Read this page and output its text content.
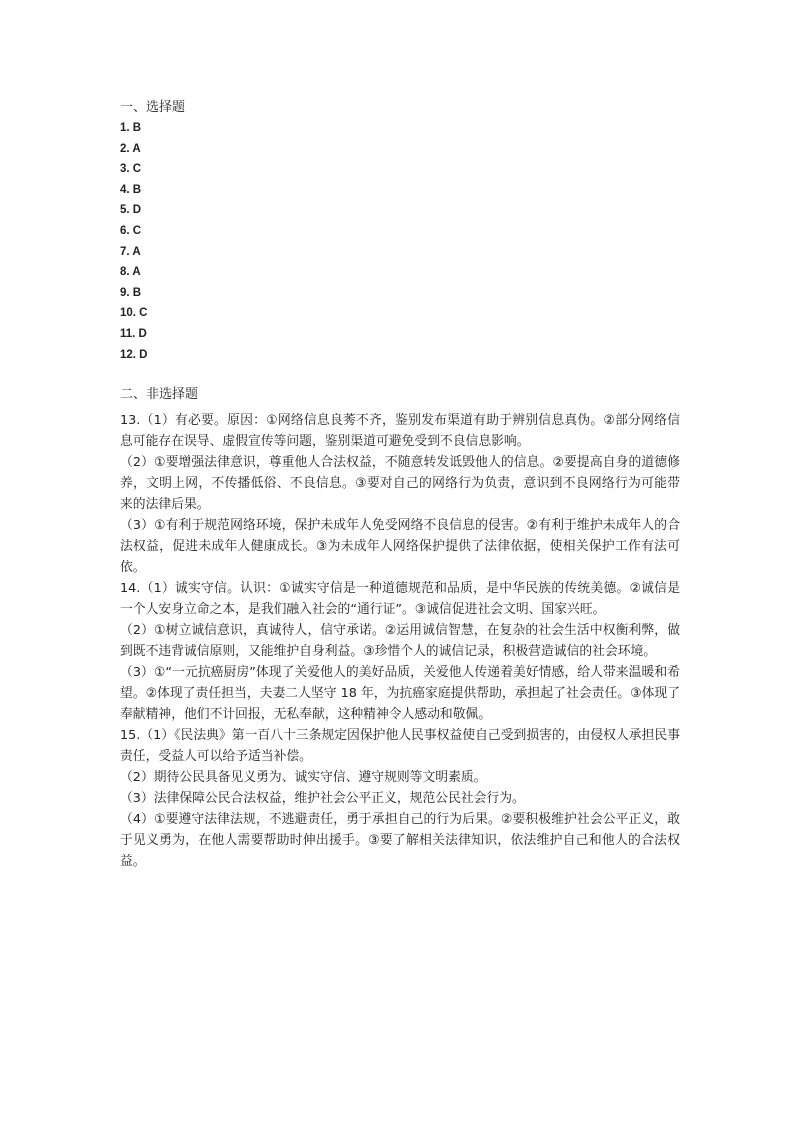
一、选择题
1. B
2. A
3. C
4. B
5. D
6. C
7. A
8. A
9. B
10. C
11. D
12. D
二、非选择题

13.（1）有必要。原因：①网络信息良莠不齐，鉴别发布渠道有助于辨别信息真伪。②部分网络信息可能存在误导、虚假宣传等问题，鉴别渠道可避免受到不良信息影响。

（2）①要增强法律意识，尊重他人合法权益，不随意转发诋毁他人的信息。②要提高自身的道德修养，文明上网，不传播低俗、不良信息。③要对自己的网络行为负责，意识到不良网络行为可能带来的法律后果。

（3）①有利于规范网络环境，保护未成年人免受网络不良信息的侵害。②有利于维护未成年人的合法权益，促进未成年人健康成长。③为未成年人网络保护提供了法律依据，使相关保护工作有法可依。

14.（1）诚实守信。认识：①诚实守信是一种道德规范和品质，是中华民族的传统美德。②诚信是一个人安身立命之本，是我们融入社会的“通行证”。③诚信促进社会文明、国家兴旺。

（2）①树立诚信意识，真诚待人，信守承诺。②运用诚信智慧，在复杂的社会生活中权衡利弊，做到既不违背诚信原则，又能维护自身利益。③珍惜个人的诚信记录，积极营造诚信的社会环境。

（3）①“一元抗癌厨房”体现了关爱他人的美好品质，关爱他人传递着美好情感，给人带来温暖和希望。②体现了责任担当，夫妻二人坚守 18 年，为抗癌家庭提供帮助，承担起了社会责任。③体现了奉献精神，他们不计回报，无私奉献，这种精神令人感动和敬佩。

15.（1）《民法典》第一百八十三条规定因保护他人民事权益使自己受到损害的，由侵权人承担民事责任，受益人可以给予适当补偿。

（2）期待公民具备见义勇为、诚实守信、遵守规则等文明素质。

（3）法律保障公民合法权益，维护社会公平正义，规范公民社会行为。

（4）①要遵守法律法规，不逃避责任，勇于承担自己的行为后果。②要积极维护社会公平正义，敢于见义勇为，在他人需要帮助时伸出援手。③要了解相关法律知识，依法维护自己和他人的合法权益。
